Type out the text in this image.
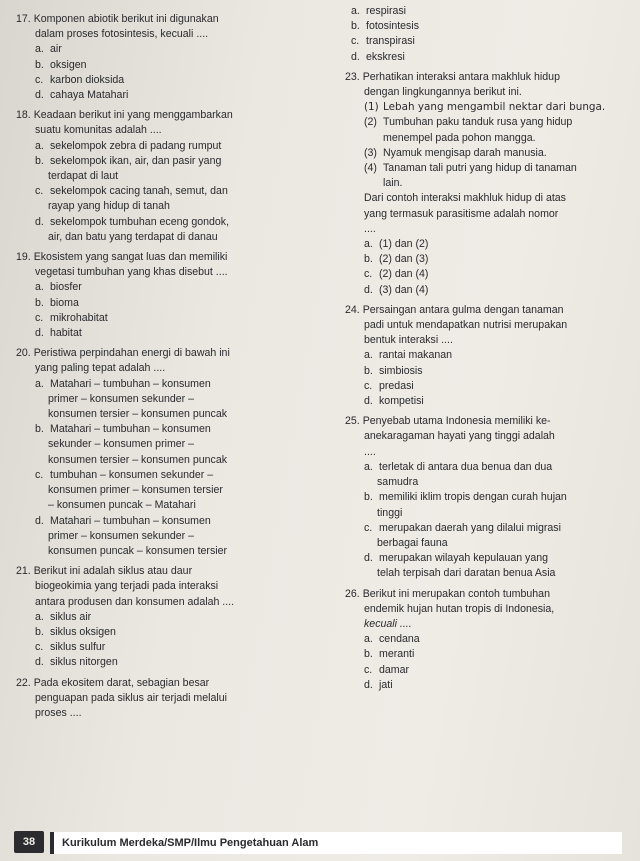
17. Komponen abiotik berikut ini digunakan
dalam proses fotosintesis, kecuali ....
a. air
b. oksigen
c. karbon dioksida
d. cahaya Matahari
18. Keadaan berikut ini yang menggambarkan
suatu komunitas adalah ....
a. sekelompok zebra di padang rumput
b. sekelompok ikan, air, dan pasir yang
terdapat di laut
c. sekelompok cacing tanah, semut, dan
rayap yang hidup di tanah
d. sekelompok tumbuhan eceng gondok,
air, dan batu yang terdapat di danau
19. Ekosistem yang sangat luas dan memiliki
vegetasi tumbuhan yang khas disebut ....
a. biosfer
b. bioma
c. mikrohabitat
d. habitat
20. Peristiwa perpindahan energi di bawah ini
yang paling tepat adalah ....
a. Matahari – tumbuhan – konsumen
primer – konsumen sekunder –
konsumen tersier – konsumen puncak
b. Matahari – tumbuhan – konsumen
sekunder – konsumen primer –
konsumen tersier – konsumen puncak
c. tumbuhan – konsumen sekunder –
konsumen primer – konsumen tersier
– konsumen puncak – Matahari
d. Matahari – tumbuhan – konsumen
primer – konsumen sekunder –
konsumen puncak – konsumen tersier
21. Berikut ini adalah siklus atau daur
biogeokimia yang terjadi pada interaksi
antara produsen dan konsumen adalah ....
a. siklus air
b. siklus oksigen
c. siklus sulfur
d. siklus nitorgen
22. Pada ekositem darat, sebagian besar
penguapan pada siklus air terjadi melalui
proses ....
a. respirasi
b. fotosintesis
c. transpirasi
d. ekskresi
23. Perhatikan interaksi antara makhluk hidup
dengan lingkungannya berikut ini.
(1) Lebah yang mengambil nektar dari bunga.
(2) Tumbuhan paku tanduk rusa yang hidup
menempel pada pohon mangga.
(3) Nyamuk mengisap darah manusia.
(4) Tanaman tali putri yang hidup di tanaman
lain.
Dari contoh interaksi makhluk hidup di atas
yang termasuk parasitisme adalah nomor
....
a. (1) dan (2)
b. (2) dan (3)
c. (2) dan (4)
d. (3) dan (4)
24. Persaingan antara gulma dengan tanaman
padi untuk mendapatkan nutrisi merupakan
bentuk interaksi ....
a. rantai makanan
b. simbiosis
c. predasi
d. kompetisi
25. Penyebab utama Indonesia memiliki ke-
anekaragaman hayati yang tinggi adalah
....
a. terletak di antara dua benua dan dua
samudra
b. memiliki iklim tropis dengan curah hujan
tinggi
c. merupakan daerah yang dilalui migrasi
berbagai fauna
d. merupakan wilayah kepulauan yang
telah terpisah dari daratan benua Asia
26. Berikut ini merupakan contoh tumbuhan
endemik hujan hutan tropis di Indonesia,
kecuali ....
a. cendana
b. meranti
c. damar
d. jati
38	Kurikulum Merdeka/SMP/Ilmu Pengetahuan Alam
